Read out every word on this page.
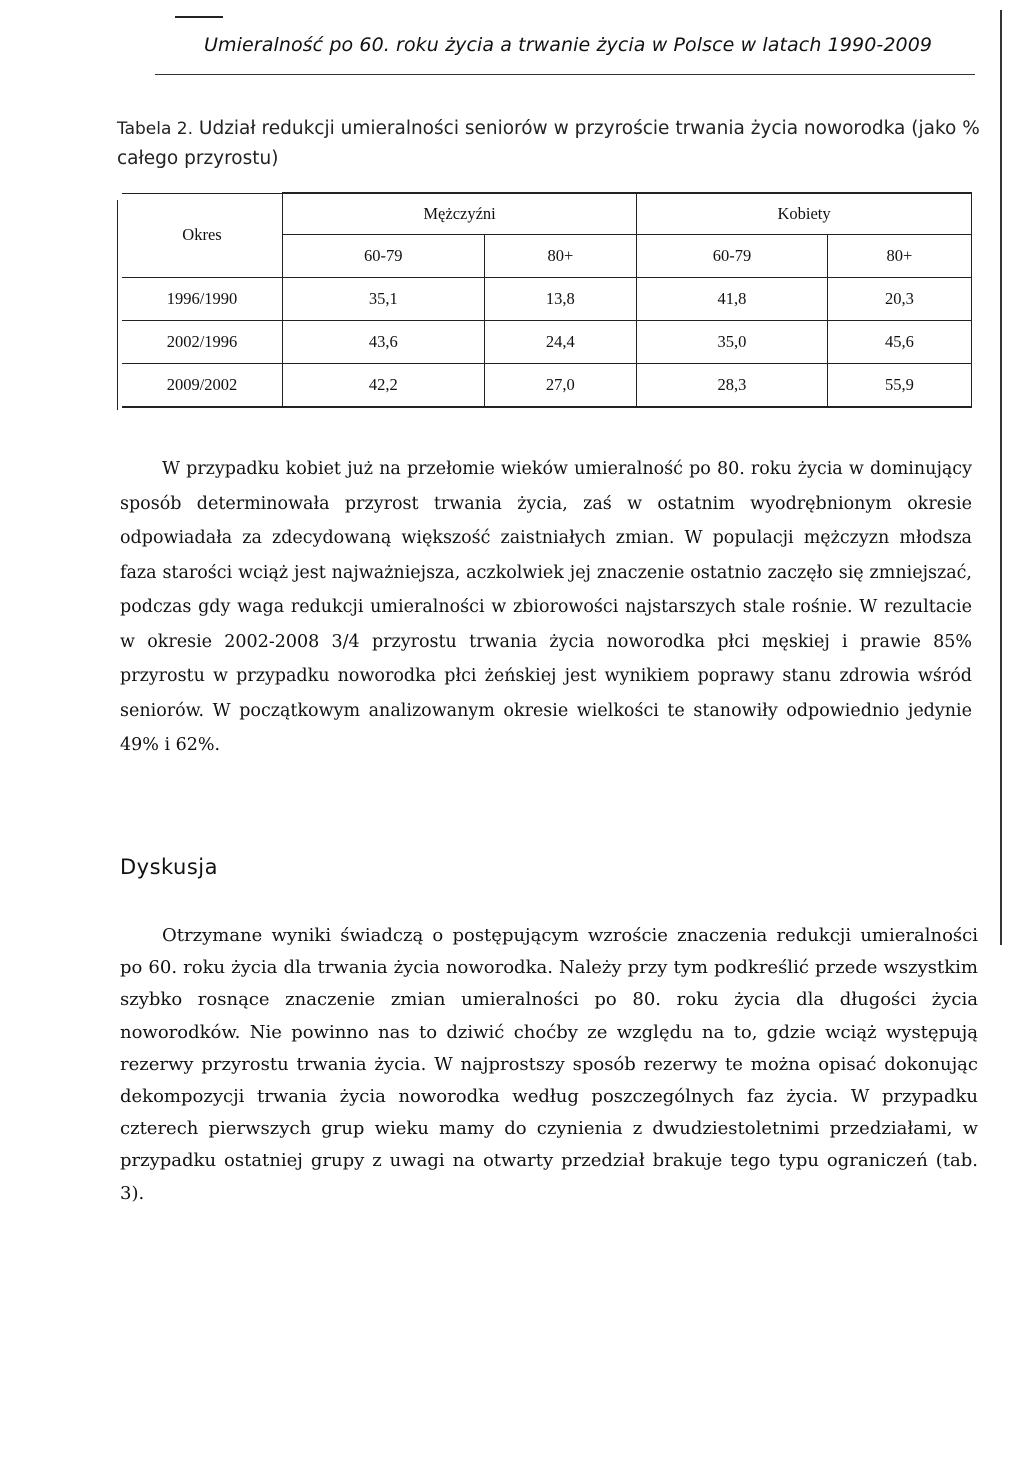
Umieralność po 60. roku życia a trwanie życia w Polsce w latach 1990-2009
Tabela 2. Udział redukcji umieralności seniorów w przyroście trwania życia noworodka (jako % całego przyrostu)
Okres	Mężczyźni		Kobiety	
	60-79	80+	60-79	80+
1996/1990	35,1	13,8	41,8	20,3
2002/1996	43,6	24,4	35,0	45,6
2009/2002	42,2	27,0	28,3	55,9
W przypadku kobiet już na przełomie wieków umieralność po 80. roku życia w dominujący sposób determinowała przyrost trwania życia, zaś w ostatnim wyodrębnionym okresie odpowiadała za zdecydowaną większość zaistniałych zmian. W populacji mężczyzn młodsza faza starości wciąż jest najważniejsza, aczkolwiek jej znaczenie ostatnio zaczęło się zmniejszać, podczas gdy waga redukcji umieralności w zbiorowości najstarszych stale rośnie. W rezultacie w okresie 2002-2008 3/4 przyrostu trwania życia noworodka płci męskiej i prawie 85% przyrostu w przypadku noworodka płci żeńskiej jest wynikiem poprawy stanu zdrowia wśród seniorów. W początkowym analizowanym okresie wielkości te stanowiły odpowiednio jedynie 49% i 62%.
Dyskusja
Otrzymane wyniki świadczą o postępującym wzroście znaczenia redukcji umieralności po 60. roku życia dla trwania życia noworodka. Należy przy tym podkreślić przede wszystkim szybko rosnące znaczenie zmian umieralności po 80. roku życia dla długości życia noworodków. Nie powinno nas to dziwić choćby ze względu na to, gdzie wciąż występują rezerwy przyrostu trwania życia. W najprostszy sposób rezerwy te można opisać dokonując dekompozycji trwania życia noworodka według poszczególnych faz życia. W przypadku czterech pierwszych grup wieku mamy do czynienia z dwudziestoletnimi przedziałami, w przypadku ostatniej grupy z uwagi na otwarty przedział brakuje tego typu ograniczeń (tab. 3).
